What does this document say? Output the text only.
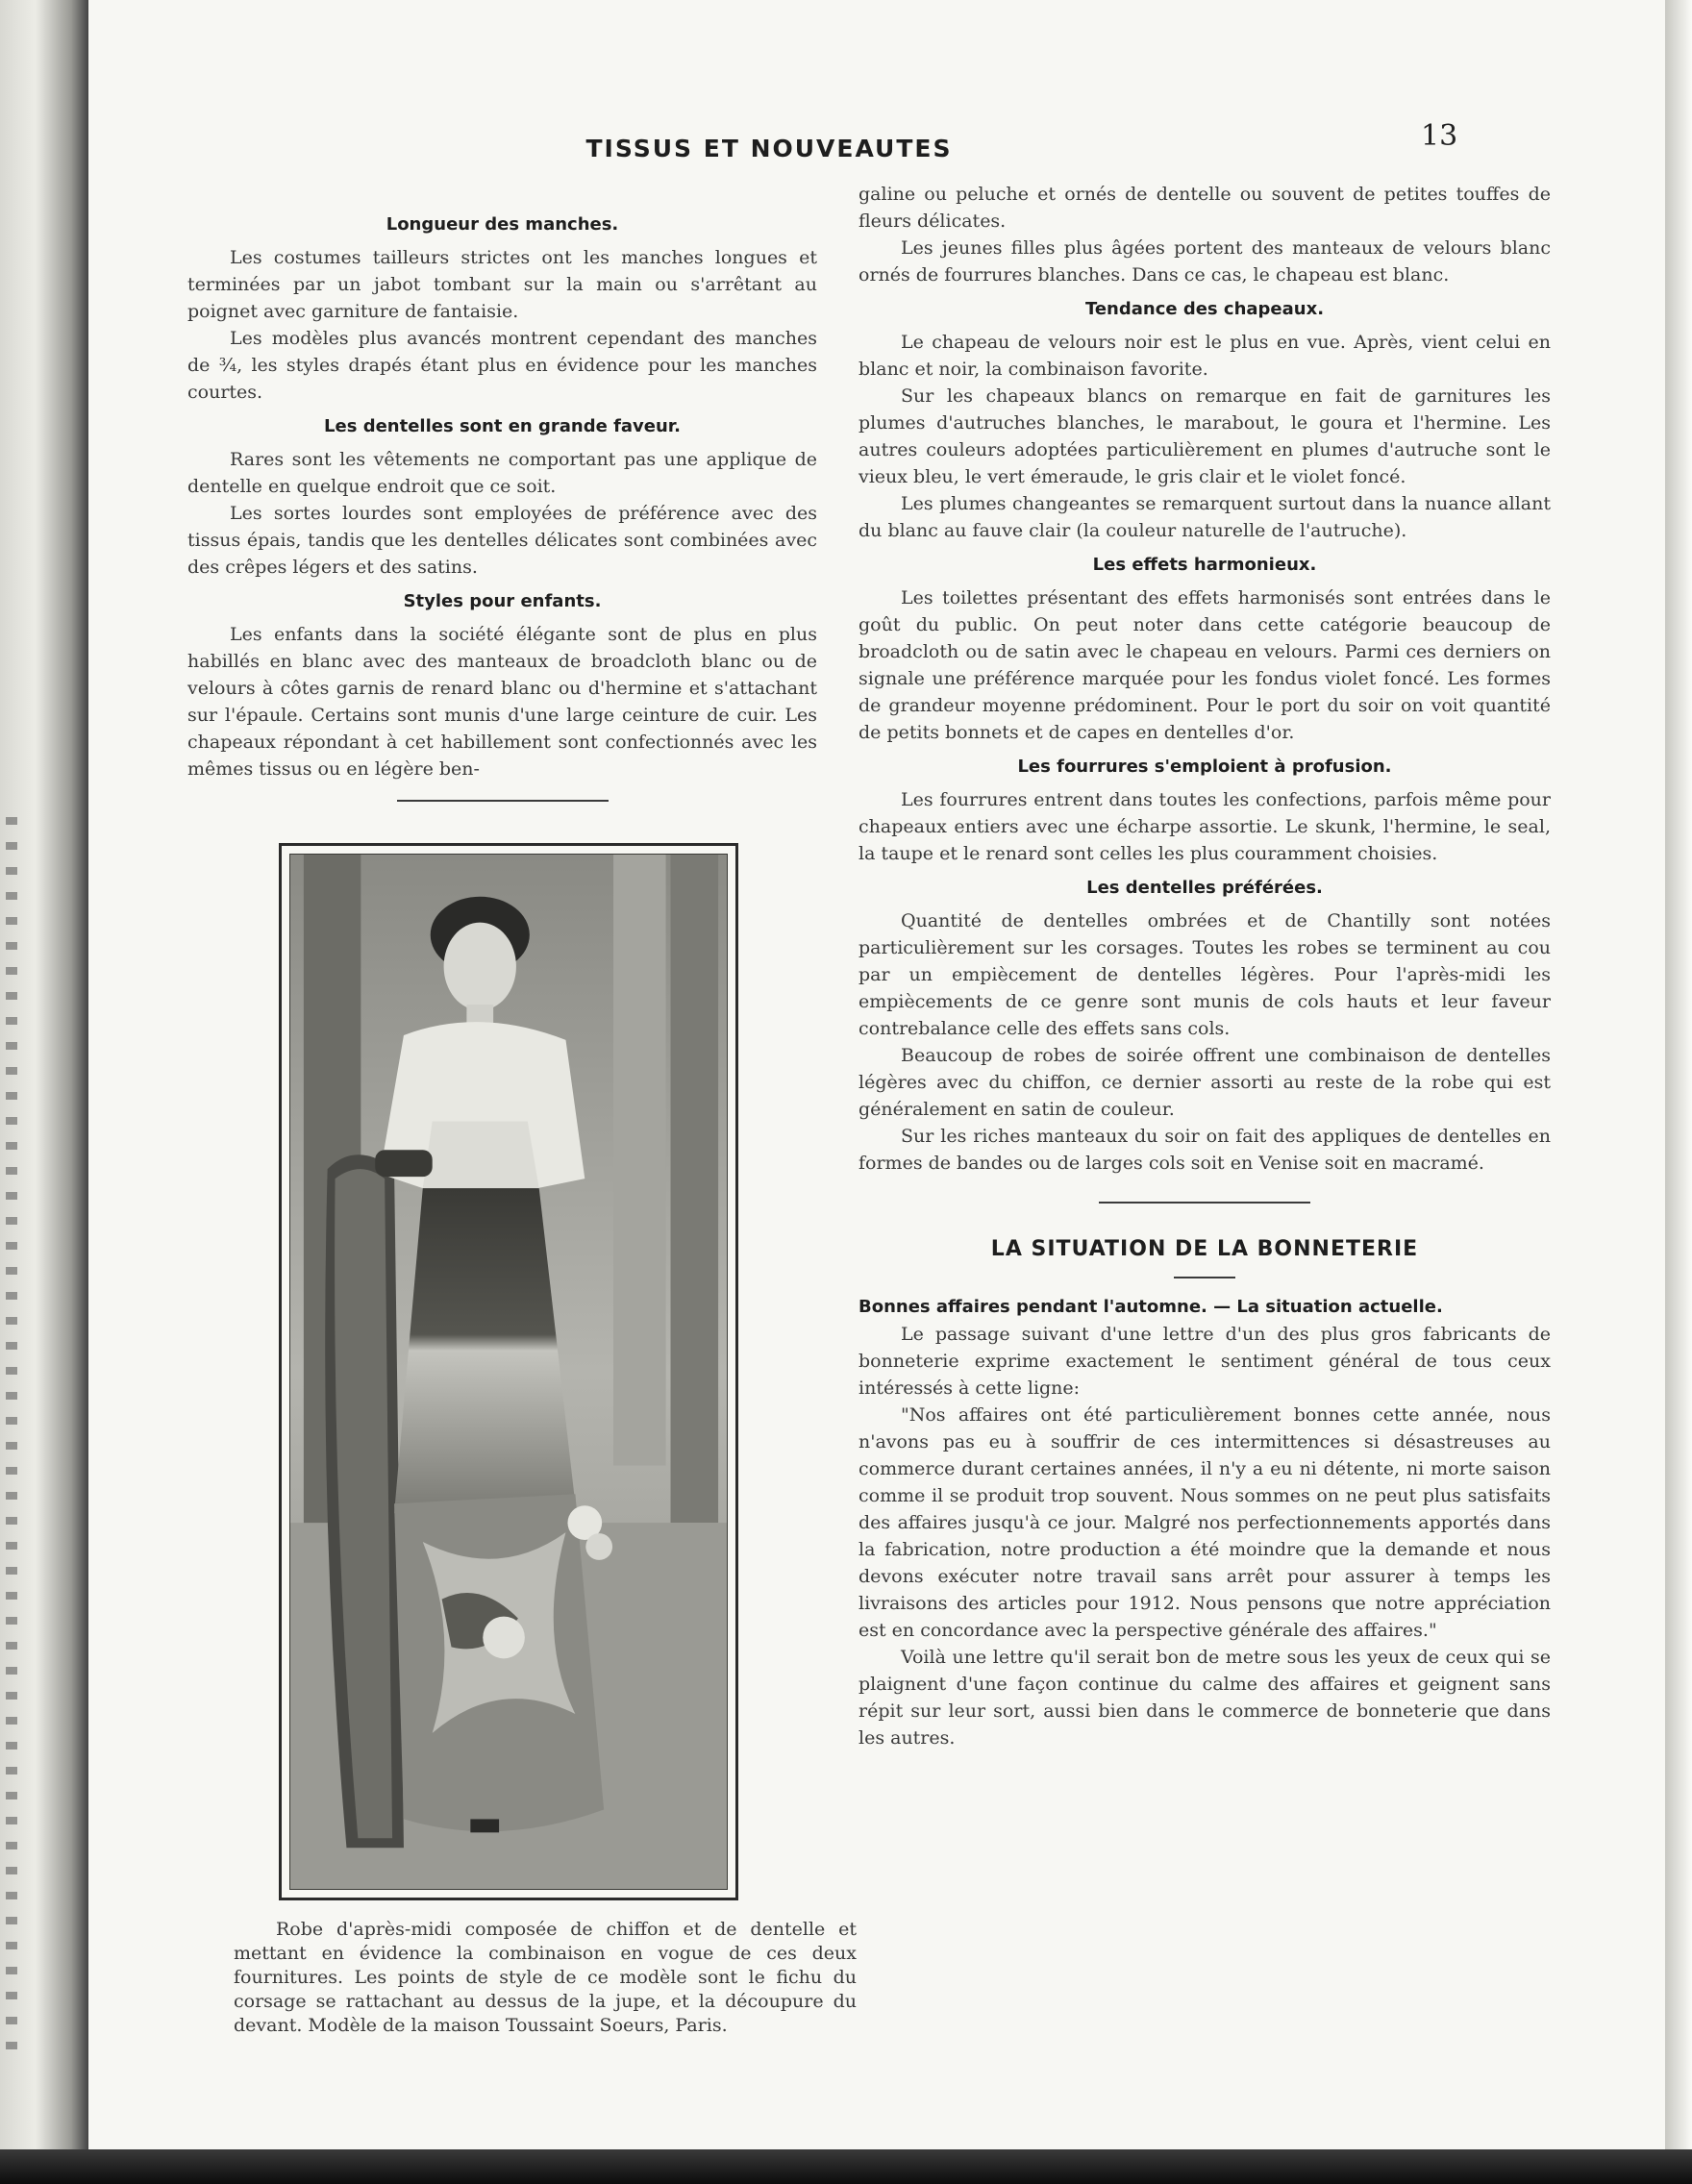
TISSUS ET NOUVEAUTES	13
Longueur des manches.

Les costumes tailleurs strictes ont les manches longues et terminées par un jabot tombant sur la main ou s'arrêtant au poignet avec garniture de fantaisie.

Les modèles plus avancés montrent cependant des manches de ¾, les styles drapés étant plus en évidence pour les manches courtes.

Les dentelles sont en grande faveur.

Rares sont les vêtements ne comportant pas une applique de dentelle en quelque endroit que ce soit.

Les sortes lourdes sont employées de préférence avec des tissus épais, tandis que les dentelles délicates sont combinées avec des crêpes légers et des satins.

Styles pour enfants.

Les enfants dans la société élégante sont de plus en plus habillés en blanc avec des manteaux de broadcloth blanc ou de velours à côtes garnis de renard blanc ou d'hermine et s'attachant sur l'épaule. Certains sont munis d'une large ceinture de cuir. Les chapeaux répondant à cet habillement sont confectionnés avec les mêmes tissus ou en légère ben-

Robe d'après-midi composée de chiffon et de dentelle et mettant en évidence la combinaison en vogue de ces deux fournitures. Les points de style de ce modèle sont le fichu du corsage se rattachant au dessus de la jupe, et la découpure du devant. Modèle de la maison Toussaint Soeurs, Paris.

galine ou peluche et ornés de dentelle ou souvent de petites touffes de fleurs délicates.

Les jeunes filles plus âgées portent des manteaux de velours blanc ornés de fourrures blanches. Dans ce cas, le chapeau est blanc.

Tendance des chapeaux.

Le chapeau de velours noir est le plus en vue. Après, vient celui en blanc et noir, la combinaison favorite.

Sur les chapeaux blancs on remarque en fait de garnitures les plumes d'autruches blanches, le marabout, le goura et l'hermine. Les autres couleurs adoptées particulièrement en plumes d'autruche sont le vieux bleu, le vert émeraude, le gris clair et le violet foncé.

Les plumes changeantes se remarquent surtout dans la nuance allant du blanc au fauve clair (la couleur naturelle de l'autruche).

Les effets harmonieux.

Les toilettes présentant des effets harmonisés sont entrées dans le goût du public. On peut noter dans cette catégorie beaucoup de broadcloth ou de satin avec le chapeau en velours. Parmi ces derniers on signale une préférence marquée pour les fondus violet foncé. Les formes de grandeur moyenne prédominent. Pour le port du soir on voit quantité de petits bonnets et de capes en dentelles d'or.

Les fourrures s'emploient à profusion.

Les fourrures entrent dans toutes les confections, parfois même pour chapeaux entiers avec une écharpe assortie. Le skunk, l'hermine, le seal, la taupe et le renard sont celles les plus couramment choisies.

Les dentelles préférées.

Quantité de dentelles ombrées et de Chantilly sont notées particulièrement sur les corsages. Toutes les robes se terminent au cou par un empiècement de dentelles légères. Pour l'après-midi les empiècements de ce genre sont munis de cols hauts et leur faveur contrebalance celle des effets sans cols.

Beaucoup de robes de soirée offrent une combinaison de dentelles légères avec du chiffon, ce dernier assorti au reste de la robe qui est généralement en satin de couleur.

Sur les riches manteaux du soir on fait des appliques de dentelles en formes de bandes ou de larges cols soit en Venise soit en macramé.

LA SITUATION DE LA BONNETERIE
Bonnes affaires pendant l'automne. — La situation actuelle.

Le passage suivant d'une lettre d'un des plus gros fabricants de bonneterie exprime exactement le sentiment général de tous ceux intéressés à cette ligne:

"Nos affaires ont été particulièrement bonnes cette année, nous n'avons pas eu à souffrir de ces intermittences si désastreuses au commerce durant certaines années, il n'y a eu ni détente, ni morte saison comme il se produit trop souvent. Nous sommes on ne peut plus satisfaits des affaires jusqu'à ce jour. Malgré nos perfectionnements apportés dans la fabrication, notre production a été moindre que la demande et nous devons exécuter notre travail sans arrêt pour assurer à temps les livraisons des articles pour 1912. Nous pensons que notre appréciation est en concordance avec la perspective générale des affaires."

Voilà une lettre qu'il serait bon de metre sous les yeux de ceux qui se plaignent d'une façon continue du calme des affaires et geignent sans répit sur leur sort, aussi bien dans le commerce de bonneterie que dans les autres.
